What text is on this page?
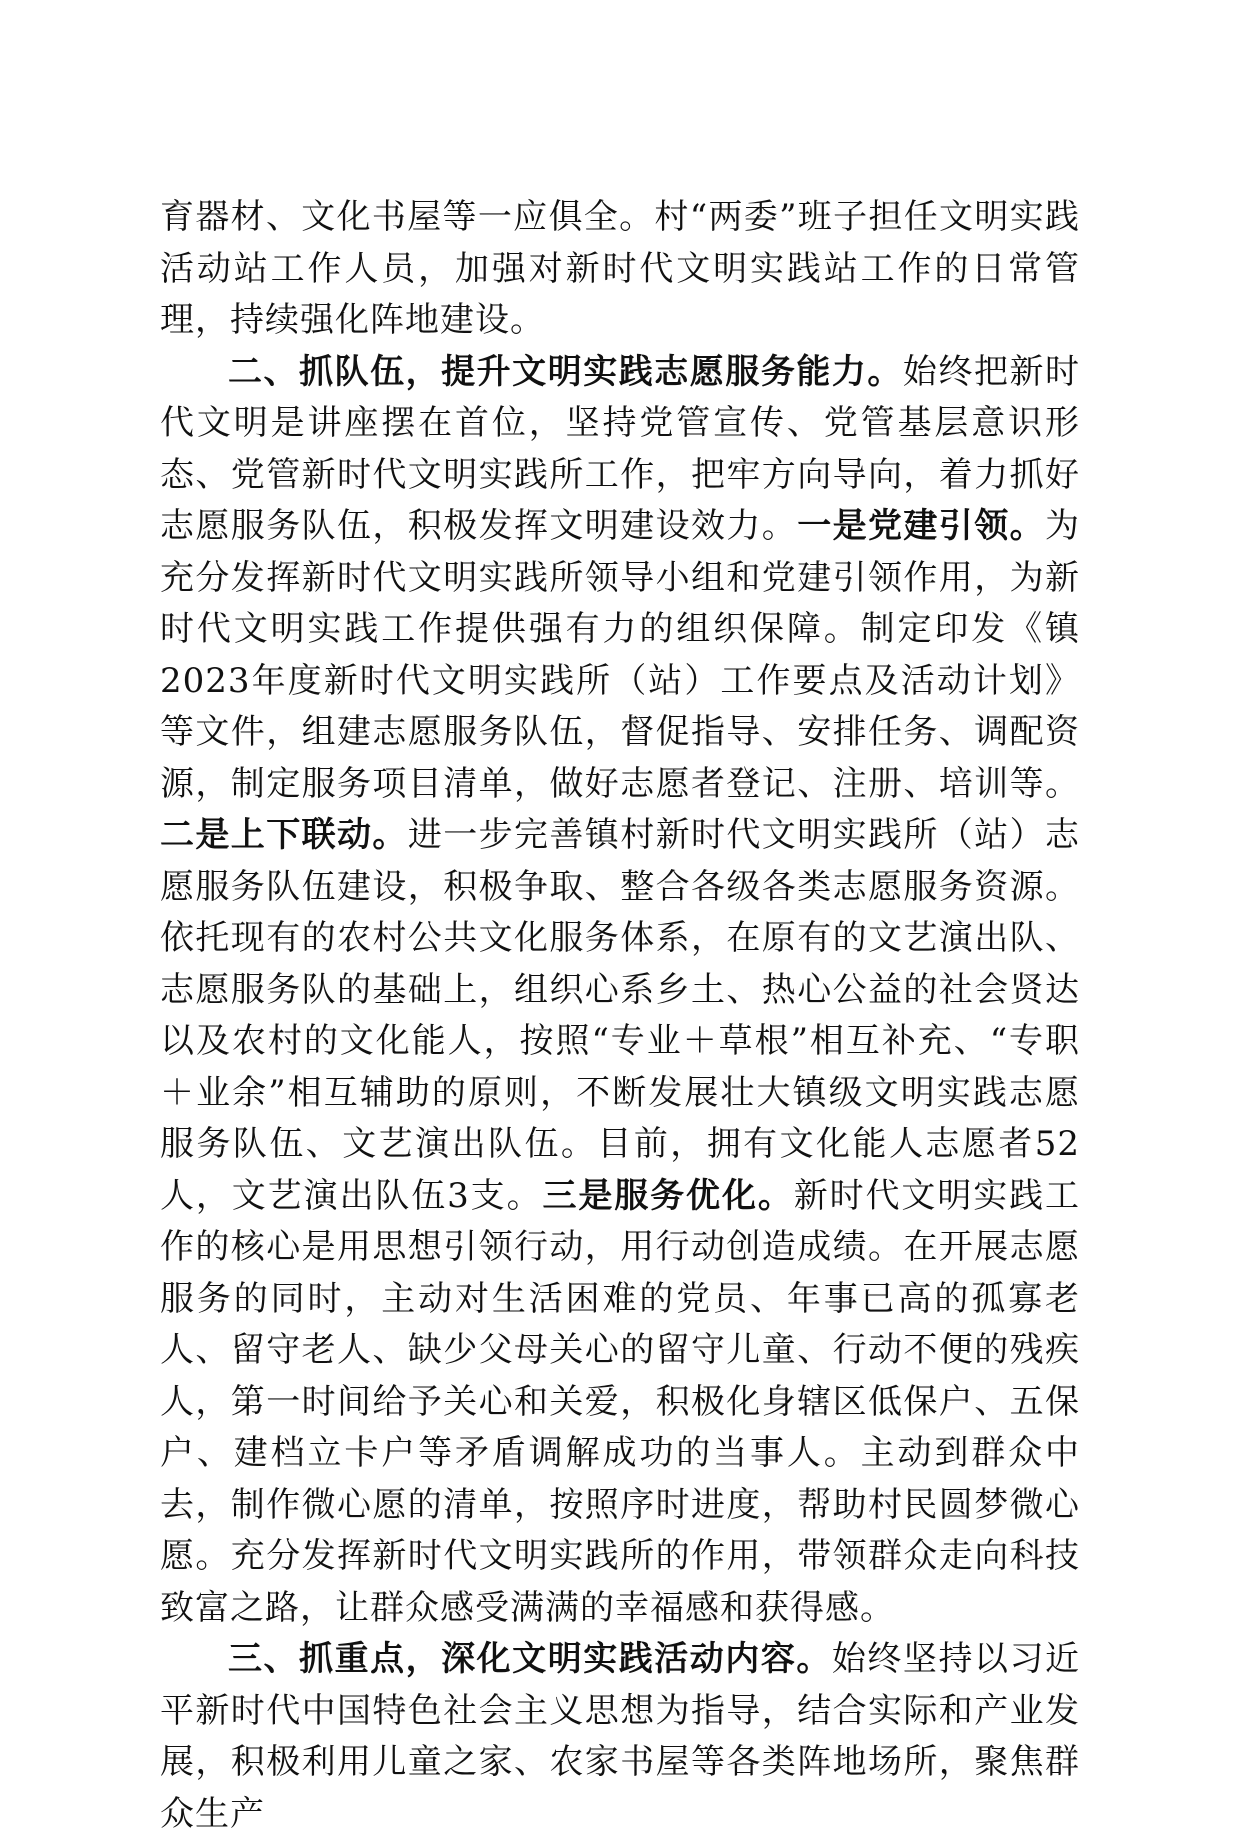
育器材、文化书屋等一应俱全。村“两委”班子担任文明实践活动站工作人员，加强对新时代文明实践站工作的日常管理，持续强化阵地建设。

二、抓队伍，提升文明实践志愿服务能力。始终把新时代文明是讲座摆在首位，坚持党管宣传、党管基层意识形态、党管新时代文明实践所工作，把牢方向导向，着力抓好志愿服务队伍，积极发挥文明建设效力。一是党建引领。为充分发挥新时代文明实践所领导小组和党建引领作用，为新时代文明实践工作提供强有力的组织保障。制定印发《镇2023年度新时代文明实践所（站）工作要点及活动计划》等文件，组建志愿服务队伍，督促指导、安排任务、调配资源，制定服务项目清单，做好志愿者登记、注册、培训等。二是上下联动。进一步完善镇村新时代文明实践所（站）志愿服务队伍建设，积极争取、整合各级各类志愿服务资源。依托现有的农村公共文化服务体系，在原有的文艺演出队、志愿服务队的基础上，组织心系乡土、热心公益的社会贤达以及农村的文化能人，按照“专业＋草根”相互补充、“专职＋业余”相互辅助的原则，不断发展壮大镇级文明实践志愿服务队伍、文艺演出队伍。目前，拥有文化能人志愿者52人，文艺演出队伍3支。三是服务优化。新时代文明实践工作的核心是用思想引领行动，用行动创造成绩。在开展志愿服务的同时，主动对生活困难的党员、年事已高的孤寡老人、留守老人、缺少父母关心的留守儿童、行动不便的残疾人，第一时间给予关心和关爱，积极化身辖区低保户、五保户、建档立卡户等矛盾调解成功的当事人。主动到群众中去，制作微心愿的清单，按照序时进度，帮助村民圆梦微心愿。充分发挥新时代文明实践所的作用，带领群众走向科技致富之路，让群众感受满满的幸福感和获得感。

三、抓重点，深化文明实践活动内容。始终坚持以习近平新时代中国特色社会主义思想为指导，结合实际和产业发展，积极利用儿童之家、农家书屋等各类阵地场所，聚焦群众生产
